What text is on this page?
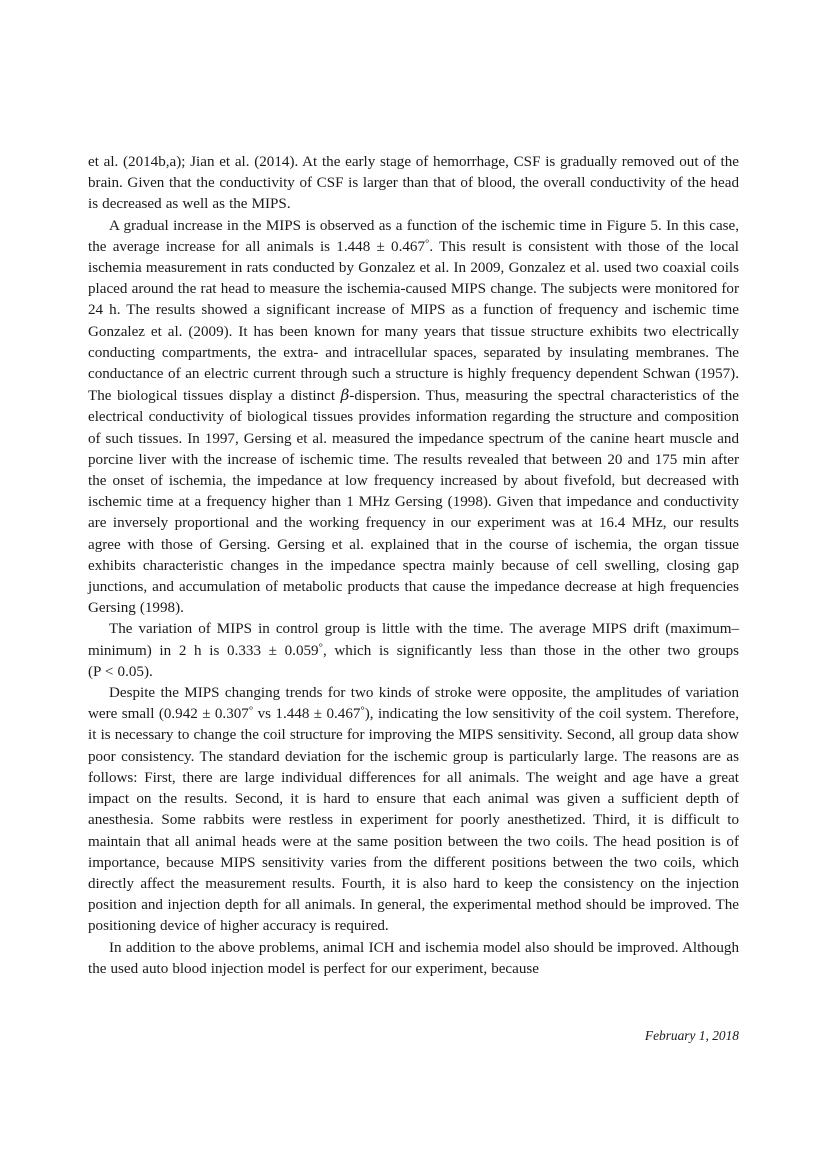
et al. (2014b,a); Jian et al. (2014). At the early stage of hemorrhage, CSF is gradually removed out of the brain. Given that the conductivity of CSF is larger than that of blood, the overall conductivity of the head is decreased as well as the MIPS.

A gradual increase in the MIPS is observed as a function of the ischemic time in Figure 5. In this case, the average increase for all animals is 1.448 ± 0.467°. This result is consistent with those of the local ischemia measurement in rats conducted by Gonzalez et al. In 2009, Gonzalez et al. used two coaxial coils placed around the rat head to measure the ischemia-caused MIPS change. The subjects were monitored for 24 h. The results showed a significant increase of MIPS as a function of frequency and ischemic time Gonzalez et al. (2009). It has been known for many years that tissue structure exhibits two electrically conducting compartments, the extra- and intracellular spaces, separated by insulating membranes. The conductance of an electric current through such a structure is highly frequency dependent Schwan (1957). The biological tissues display a distinct β-dispersion. Thus, measuring the spectral characteristics of the electrical conductivity of biological tissues provides information regarding the structure and composition of such tissues. In 1997, Gersing et al. measured the impedance spectrum of the canine heart muscle and porcine liver with the increase of ischemic time. The results revealed that between 20 and 175 min after the onset of ischemia, the impedance at low frequency increased by about fivefold, but decreased with ischemic time at a frequency higher than 1 MHz Gersing (1998). Given that impedance and conductivity are inversely proportional and the working frequency in our experiment was at 16.4 MHz, our results agree with those of Gersing. Gersing et al. explained that in the course of ischemia, the organ tissue exhibits characteristic changes in the impedance spectra mainly because of cell swelling, closing gap junctions, and accumulation of metabolic products that cause the impedance decrease at high frequencies Gersing (1998).

The variation of MIPS in control group is little with the time. The average MIPS drift (maximum–minimum) in 2 h is 0.333 ± 0.059°, which is significantly less than those in the other two groups (P < 0.05).

Despite the MIPS changing trends for two kinds of stroke were opposite, the amplitudes of variation were small (0.942 ± 0.307° vs 1.448 ± 0.467°), indicating the low sensitivity of the coil system. Therefore, it is necessary to change the coil structure for improving the MIPS sensitivity. Second, all group data show poor consistency. The standard deviation for the ischemic group is particularly large. The reasons are as follows: First, there are large individual differences for all animals. The weight and age have a great impact on the results. Second, it is hard to ensure that each animal was given a sufficient depth of anesthesia. Some rabbits were restless in experiment for poorly anesthetized. Third, it is difficult to maintain that all animal heads were at the same position between the two coils. The head position is of importance, because MIPS sensitivity varies from the different positions between the two coils, which directly affect the measurement results. Fourth, it is also hard to keep the consistency on the injection position and injection depth for all animals. In general, the experimental method should be improved. The positioning device of higher accuracy is required.

In addition to the above problems, animal ICH and ischemia model also should be improved. Although the used auto blood injection model is perfect for our experiment, because

February 1, 2018
